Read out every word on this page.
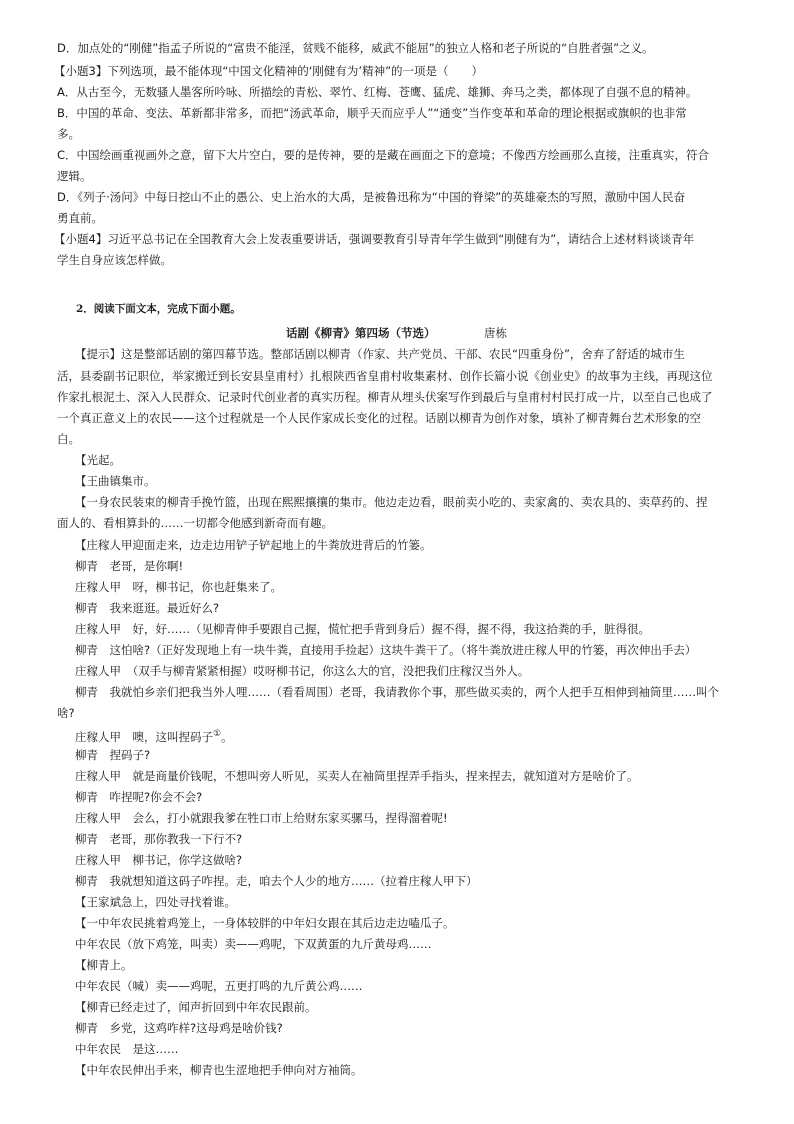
D．加点处的“刚健”指孟子所说的“富贵不能淫，贫贱不能移，威武不能屈”的独立人格和老子所说的“自胜者强”之义。
【小题3】下列选项，最不能体现“中国文化精神的‘刚健有为’精神”的一项是（　　）
A．从古至今，无数骚人墨客所吟咏、所描绘的青松、翠竹、红梅、苍鹰、猛虎、雄狮、奔马之类，都体现了自强不息的精神。
B．中国的革命、变法、革新都非常多，而把“汤武革命，顺乎天而应乎人”“通变”当作变革和革命的理论根据或旗帜的也非常
多。
C．中国绘画重视画外之意，留下大片空白，要的是传神，要的是藏在画面之下的意境；不像西方绘画那么直接，注重真实，符合
逻辑。
D．《列子·汤问》中每日挖山不止的愚公、史上治水的大禹，是被鲁迅称为“中国的脊梁”的英雄豪杰的写照，激励中国人民奋
勇直前。
【小题4】习近平总书记在全国教育大会上发表重要讲话，强调要教育引导青年学生做到“刚健有为”，请结合上述材料谈谈青年
学生自身应该怎样做。
2．阅读下面文本，完成下面小题。
话剧《柳青》第四场（节选）	唐栋
【提示】这是整部话剧的第四幕节选。整部话剧以柳青（作家、共产党员、干部、农民“四重身份”，舍弃了舒适的城市生
活，县委副书记职位，举家搬迁到长安县皇甫村）扎根陕西省皇甫村收集素材、创作长篇小说《创业史》的故事为主线，再现这位
作家扎根泥土、深入人民群众、记录时代创业者的真实历程。柳青从埋头伏案写作到最后与皇甫村村民打成一片，以至自己也成了
一个真正意义上的农民——这个过程就是一个人民作家成长变化的过程。话剧以柳青为创作对象，填补了柳青舞台艺术形象的空
白。
【光起。
【王曲镇集市。
【一身农民装束的柳青手挽竹篮，出现在熙熙攘攘的集市。他边走边看，眼前卖小吃的、卖家禽的、卖农具的、卖草药的、捏
面人的、看相算卦的……一切都令他感到新奇而有趣。
【庄稼人甲迎面走来，边走边用铲子铲起地上的牛粪放进背后的竹篓。
柳青　老哥，是你啊!
庄稼人甲　呀，柳书记，你也赶集来了。
柳青　我来逛逛。最近好么?
庄稼人甲　好，好……（见柳青伸手要跟自己握，慌忙把手背到身后）握不得，握不得，我这拾粪的手，脏得很。
柳青　这怕啥?（正好发现地上有一块牛粪，直接用手捡起）这块牛粪干了。（将牛粪放进庄稼人甲的竹篓，再次伸出手去）
庄稼人甲　（双手与柳青紧紧相握）哎呀柳书记，你这么大的官，没把我们庄稼汉当外人。
柳青　我就怕乡亲们把我当外人哩……（看看周围）老哥，我请教你个事，那些做买卖的，两个人把手互相伸到袖筒里……叫个
啥?
庄稼人甲　噢，这叫捏码子①。
柳青　捏码子?
庄稼人甲　就是商量价钱呢，不想叫旁人听见，买卖人在袖筒里捏弄手指头，捏来捏去，就知道对方是啥价了。
柳青　咋捏呢?你会不会?
庄稼人甲　会么，打小就跟我爹在牲口市上给财东家买骡马，捏得溜着呢!
柳青　老哥，那你教我一下行不?
庄稼人甲　柳书记，你学这做啥?
柳青　我就想知道这码子咋捏。走，咱去个人少的地方……（拉着庄稼人甲下）
【王家斌急上，四处寻找着谁。
【一中年农民挑着鸡笼上，一身体较胖的中年妇女跟在其后边走边嗑瓜子。
中年农民（放下鸡笼，叫卖）卖——鸡呢，下双黄蛋的九斤黄母鸡……
【柳青上。
中年农民（喊）卖——鸡呢，五更打鸣的九斤黄公鸡……
【柳青已经走过了，闻声折回到中年农民跟前。
柳青　乡党，这鸡咋样?这母鸡是啥价钱?
中年农民　是这……
【中年农民伸出手来，柳青也生涩地把手伸向对方袖筒。
